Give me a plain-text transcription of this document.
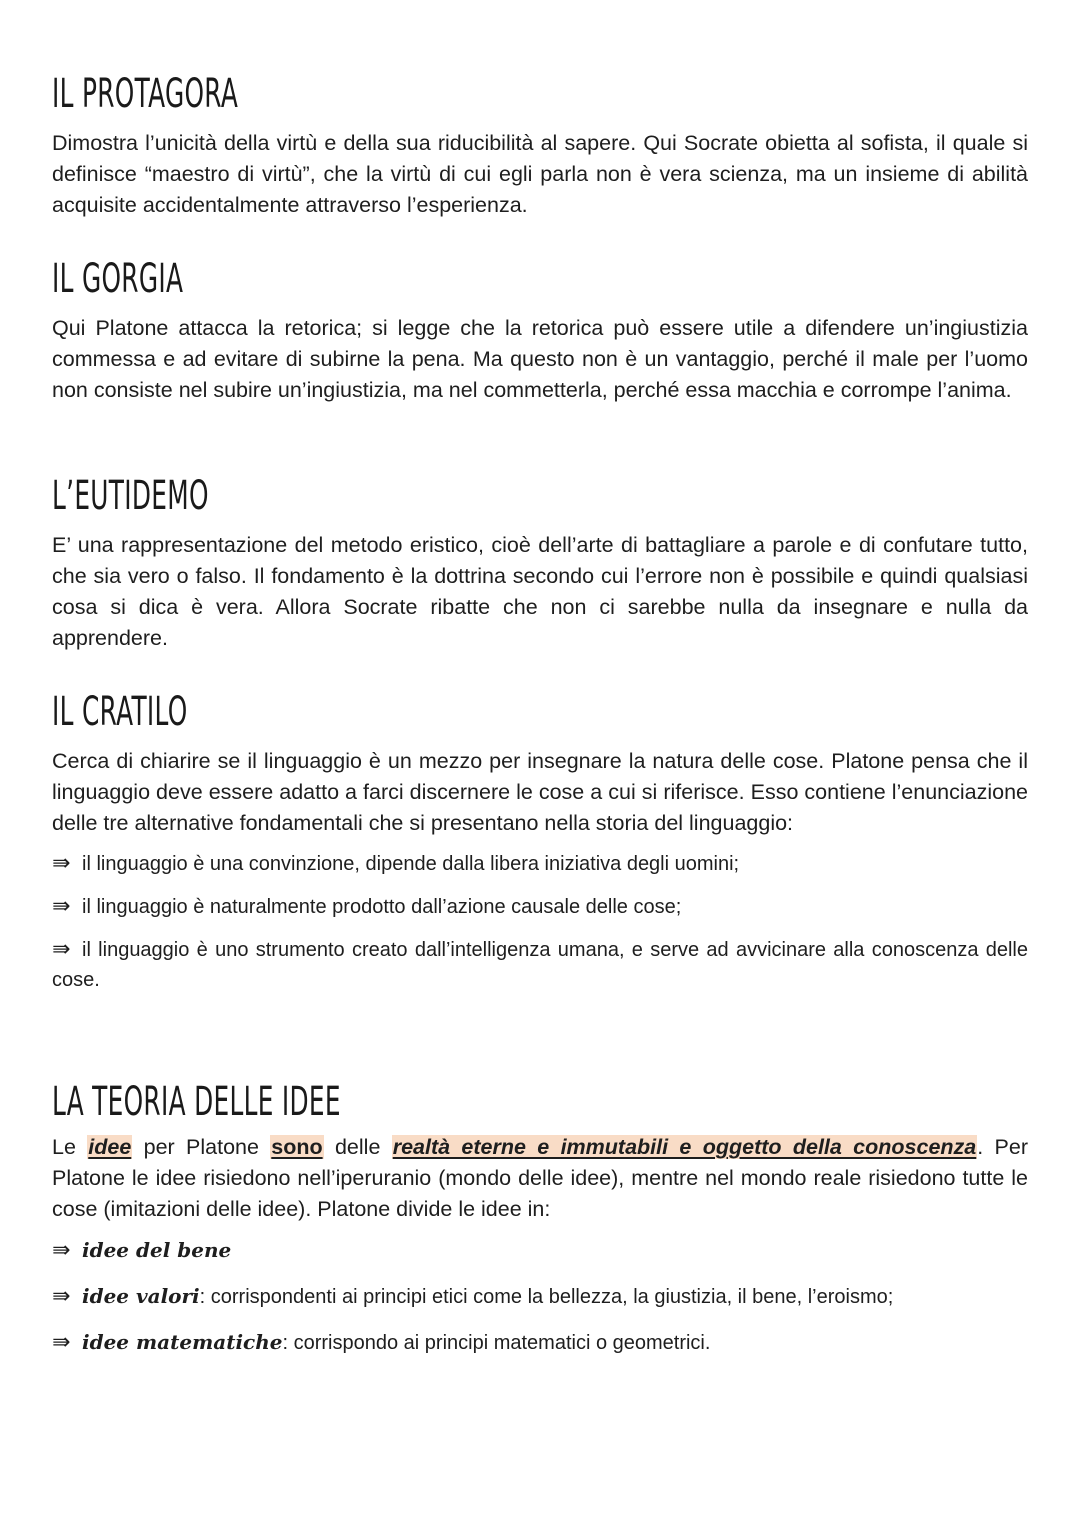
IL PROTAGORA

Dimostra l’unicità della virtù e della sua riducibilità al sapere. Qui Socrate obietta al sofista, il quale si definisce “maestro di virtù”, che la virtù di cui egli parla non è vera scienza, ma un insieme di abilità acquisite accidentalmente attraverso l’esperienza.

IL GORGIA

Qui Platone attacca la retorica; si legge che la retorica può essere utile a difendere un’ingiustizia commessa e ad evitare di subirne la pena. Ma questo non è un vantaggio, perché il male per l’uomo non consiste nel subire un’ingiustizia, ma nel commetterla, perché essa macchia e corrompe l’anima.

L’EUTIDEMO

E’ una rappresentazione del metodo eristico, cioè dell’arte di battagliare a parole e di confutare tutto, che sia vero o falso. Il fondamento è la dottrina secondo cui l’errore non è possibile e quindi qualsiasi cosa si dica è vera. Allora Socrate ribatte che non ci sarebbe nulla da insegnare e nulla da apprendere.

IL CRATILO

Cerca di chiarire se il linguaggio è un mezzo per insegnare la natura delle cose. Platone pensa che il linguaggio deve essere adatto a farci discernere le cose a cui si riferisce. Esso contiene l’enunciazione delle tre alternative fondamentali che si presentano nella storia del linguaggio:

⇛ il linguaggio è una convinzione, dipende dalla libera iniziativa degli uomini;

⇛ il linguaggio è naturalmente prodotto dall’azione causale delle cose;

⇛ il linguaggio è uno strumento creato dall’intelligenza umana, e serve ad avvicinare alla conoscenza delle cose.

LA TEORIA DELLE IDEE

Le idee per Platone sono delle realtà eterne e immutabili e oggetto della conoscenza. Per Platone le idee risiedono nell’iperuranio (mondo delle idee), mentre nel mondo reale risiedono tutte le cose (imitazioni delle idee). Platone divide le idee in:

⇛ idee del bene

⇛ idee valori: corrispondenti ai principi etici come la bellezza, la giustizia, il bene, l’eroismo;

⇛ idee matematiche: corrispondo ai principi matematici o geometrici.
